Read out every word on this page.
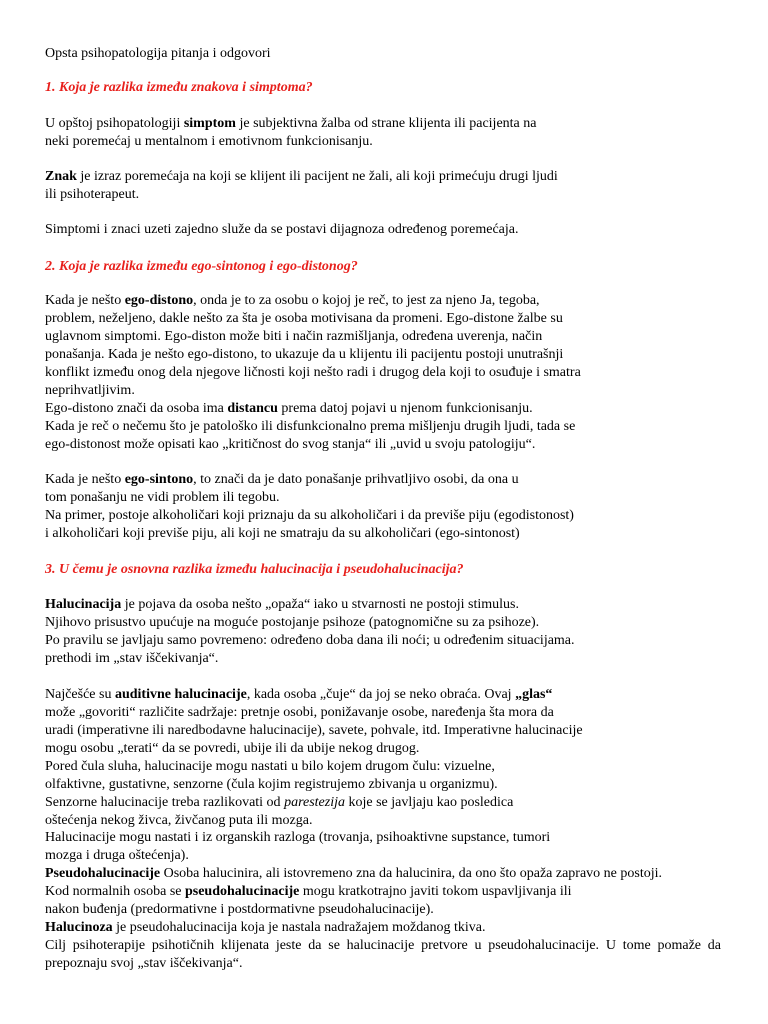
Opsta psihopatologija pitanja i odgovori

1. Koja je razlika između znakova i simptoma?

U opštoj psihopatologiji simptom je subjektivna žalba od strane klijenta ili pacijenta na

neki poremećaj u mentalnom i emotivnom funkcionisanju.

Znak je izraz poremećaja na koji se klijent ili pacijent ne žali, ali koji primećuju drugi ljudi

ili psihoterapeut.

Simptomi i znaci uzeti zajedno služe da se postavi dijagnoza određenog poremećaja.

2. Koja je razlika između ego-sintonog i ego-distonog?

Kada je nešto ego-distono, onda je to za osobu o kojoj je reč, to jest za njeno Ja, tegoba,

problem, neželjeno, dakle nešto za šta je osoba motivisana da promeni. Ego-distone žalbe su

uglavnom simptomi. Ego-diston može biti i način razmišljanja, određena uverenja, način

ponašanja. Kada je nešto ego-distono, to ukazuje da u klijentu ili pacijentu postoji unutrašnji

konflikt između onog dela njegove ličnosti koji nešto radi i drugog dela koji to osuđuje i smatra

neprihvatljivim.

Ego-distono znači da osoba ima distancu prema datoj pojavi u njenom funkcionisanju.

Kada je reč o nečemu što je patološko ili disfunkcionalno prema mišljenju drugih ljudi, tada se

ego-distonost može opisati kao „kritičnost do svog stanja“ ili „uvid u svoju patologiju“.

Kada je nešto ego-sintono, to znači da je dato ponašanje prihvatljivo osobi, da ona u

tom ponašanju ne vidi problem ili tegobu.

Na primer, postoje alkoholičari koji priznaju da su alkoholičari i da previše piju (egodistonost)

i alkoholičari koji previše piju, ali koji ne smatraju da su alkoholičari (ego-sintonost)

3. U čemu je osnovna razlika između halucinacija i pseudohalucinacija?

Halucinacija je pojava da osoba nešto „opaža“ iako u stvarnosti ne postoji stimulus.

Njihovo prisustvo upućuje na moguće postojanje psihoze (patognomične su za psihoze).

Po pravilu se javljaju samo povremeno: određeno doba dana ili noći; u određenim situacijama.

prethodi im „stav iščekivanja“.

Najčešće su auditivne halucinacije, kada osoba „čuje“ da joj se neko obraća. Ovaj „glas“

može „govoriti“ različite sadržaje: pretnje osobi, ponižavanje osobe, naređenja šta mora da

uradi (imperativne ili naredbodavne halucinacije), savete, pohvale, itd. Imperativne halucinacije

mogu osobu „terati“ da se povredi, ubije ili da ubije nekog drugog.

Pored čula sluha, halucinacije mogu nastati u bilo kojem drugom čulu: vizuelne,

olfaktivne, gustativne, senzorne (čula kojim registrujemo zbivanja u organizmu).

Senzorne halucinacije treba razlikovati od parestezija koje se javljaju kao posledica

oštećenja nekog živca, živčanog puta ili mozga.

Halucinacije mogu nastati i iz organskih razloga (trovanja, psihoaktivne supstance, tumori

mozga i druga oštećenja).

Pseudohalucinacije Osoba halucinira, ali istovremeno zna da halucinira, da ono što opaža zapravo ne postoji.

Kod normalnih osoba se pseudohalucinacije mogu kratkotrajno javiti tokom uspavljivanja ili

nakon buđenja (predormativne i postdormativne pseudohalucinacije).

Halucinoza je pseudohalucinacija koja je nastala nadražajem moždanog tkiva.

Cilj psihoterapije psihotičnih klijenata jeste da se halucinacije pretvore u pseudohalucinacije. U tome pomaže da prepoznaju svoj „stav iščekivanja“.
